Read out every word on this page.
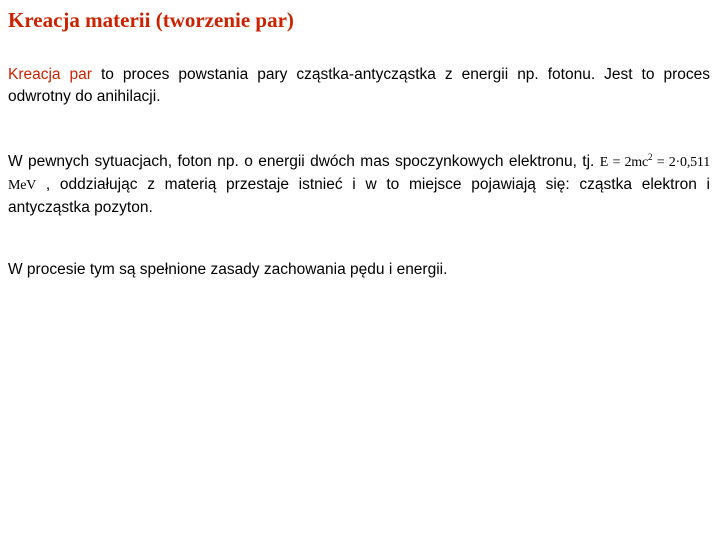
Kreacja materii (tworzenie par)

Kreacja par to proces powstania pary cząstka-antycząstka z energii np. fotonu. Jest to proces odwrotny do anihilacji.

W pewnych sytuacjach, foton np. o energii dwóch mas spoczynkowych elektronu, tj. $E = 2mc^2 = 2\cdot 0,511$ MeV , oddziałując z materią przestaje istnieć i w to miejsce pojawiają się: cząstka elektron i antycząstka pozyton.

W procesie tym są spełnione zasady zachowania pędu i energii.
